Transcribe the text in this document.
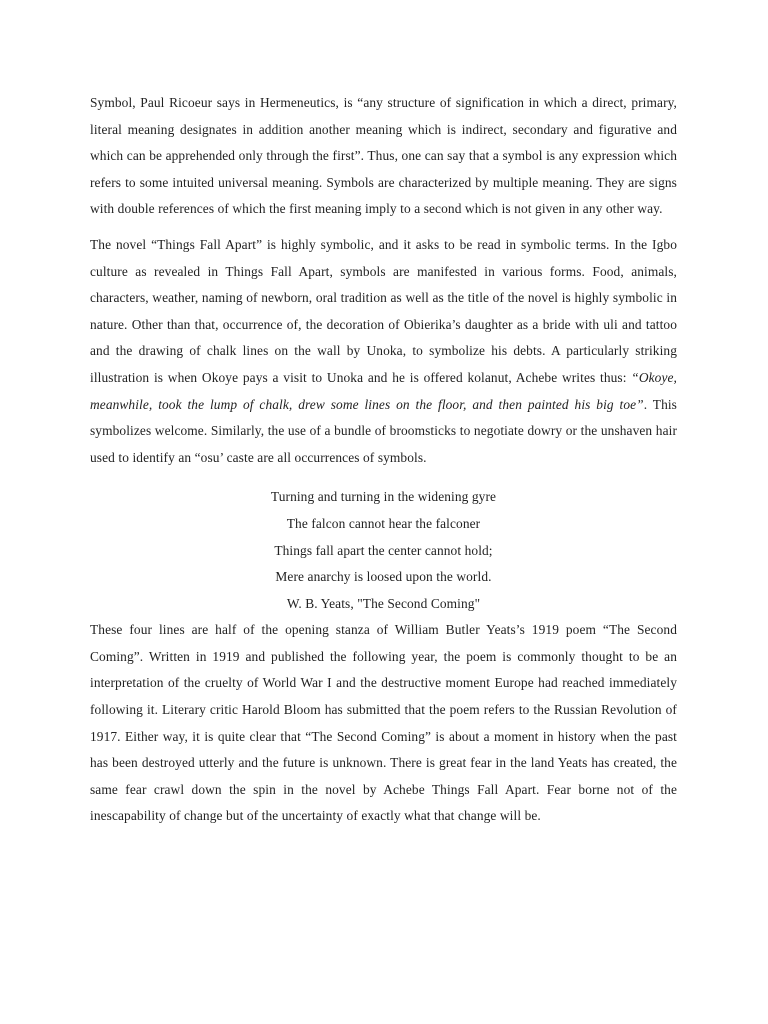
Symbol, Paul Ricoeur says in Hermeneutics, is “any structure of signification in which a direct, primary, literal meaning designates in addition another meaning which is indirect, secondary and figurative and which can be apprehended only through the first”. Thus, one can say that a symbol is any expression which refers to some intuited universal meaning. Symbols are characterized by multiple meaning. They are signs with double references of which the first meaning imply to a second which is not given in any other way.

The novel “Things Fall Apart” is highly symbolic, and it asks to be read in symbolic terms. In the Igbo culture as revealed in Things Fall Apart, symbols are manifested in various forms. Food, animals, characters, weather, naming of newborn, oral tradition as well as the title of the novel is highly symbolic in nature. Other than that, occurrence of, the decoration of Obierika’s daughter as a bride with uli and tattoo and the drawing of chalk lines on the wall by Unoka, to symbolize his debts. A particularly striking illustration is when Okoye pays a visit to Unoka and he is offered kolanut, Achebe writes thus: “Okoye, meanwhile, took the lump of chalk, drew some lines on the floor, and then painted his big toe”. This symbolizes welcome. Similarly, the use of a bundle of broomsticks to negotiate dowry or the unshaven hair used to identify an “osu’ caste are all occurrences of symbols.

Turning and turning in the widening gyre
The falcon cannot hear the falconer
Things fall apart the center cannot hold;
Mere anarchy is loosed upon the world.
W. B. Yeats, "The Second Coming"

These four lines are half of the opening stanza of William Butler Yeats’s 1919 poem “The Second Coming”. Written in 1919 and published the following year, the poem is commonly thought to be an interpretation of the cruelty of World War I and the destructive moment Europe had reached immediately following it. Literary critic Harold Bloom has submitted that the poem refers to the Russian Revolution of 1917. Either way, it is quite clear that “The Second Coming” is about a moment in history when the past has been destroyed utterly and the future is unknown. There is great fear in the land Yeats has created, the same fear crawl down the spin in the novel by Achebe Things Fall Apart. Fear borne not of the inescapability of change but of the uncertainty of exactly what that change will be.
